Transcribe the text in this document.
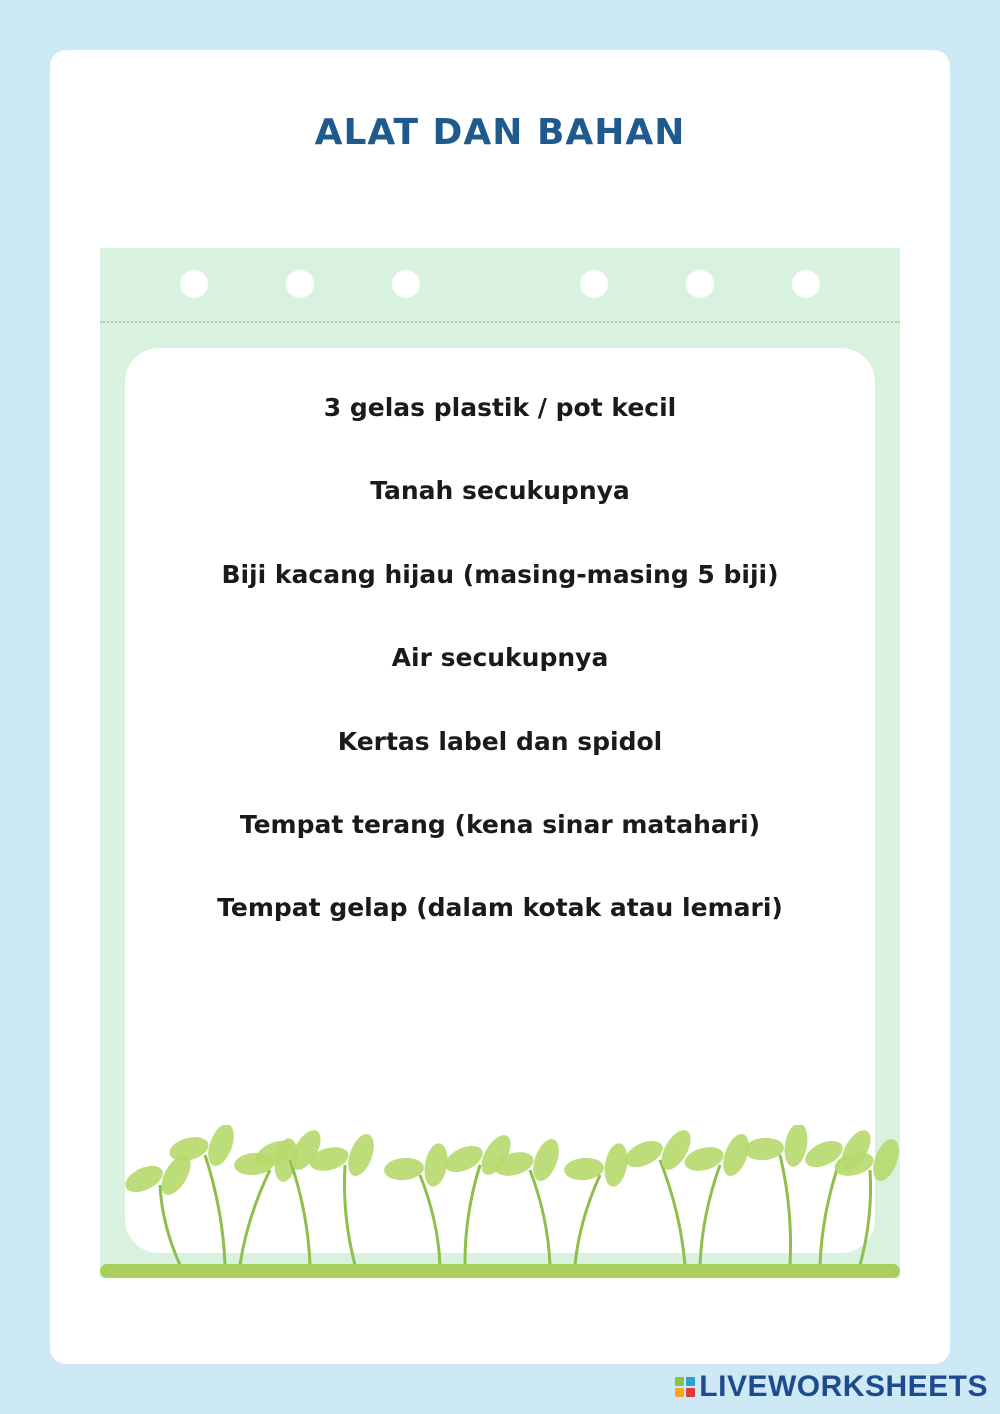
ALAT DAN BAHAN
3 gelas plastik / pot kecil
Tanah secukupnya
Biji kacang hijau (masing-masing 5 biji)
Air secukupnya
Kertas label dan spidol
Tempat terang (kena sinar matahari)
Tempat gelap (dalam kotak atau lemari)
LIVEWORKSHEETS
